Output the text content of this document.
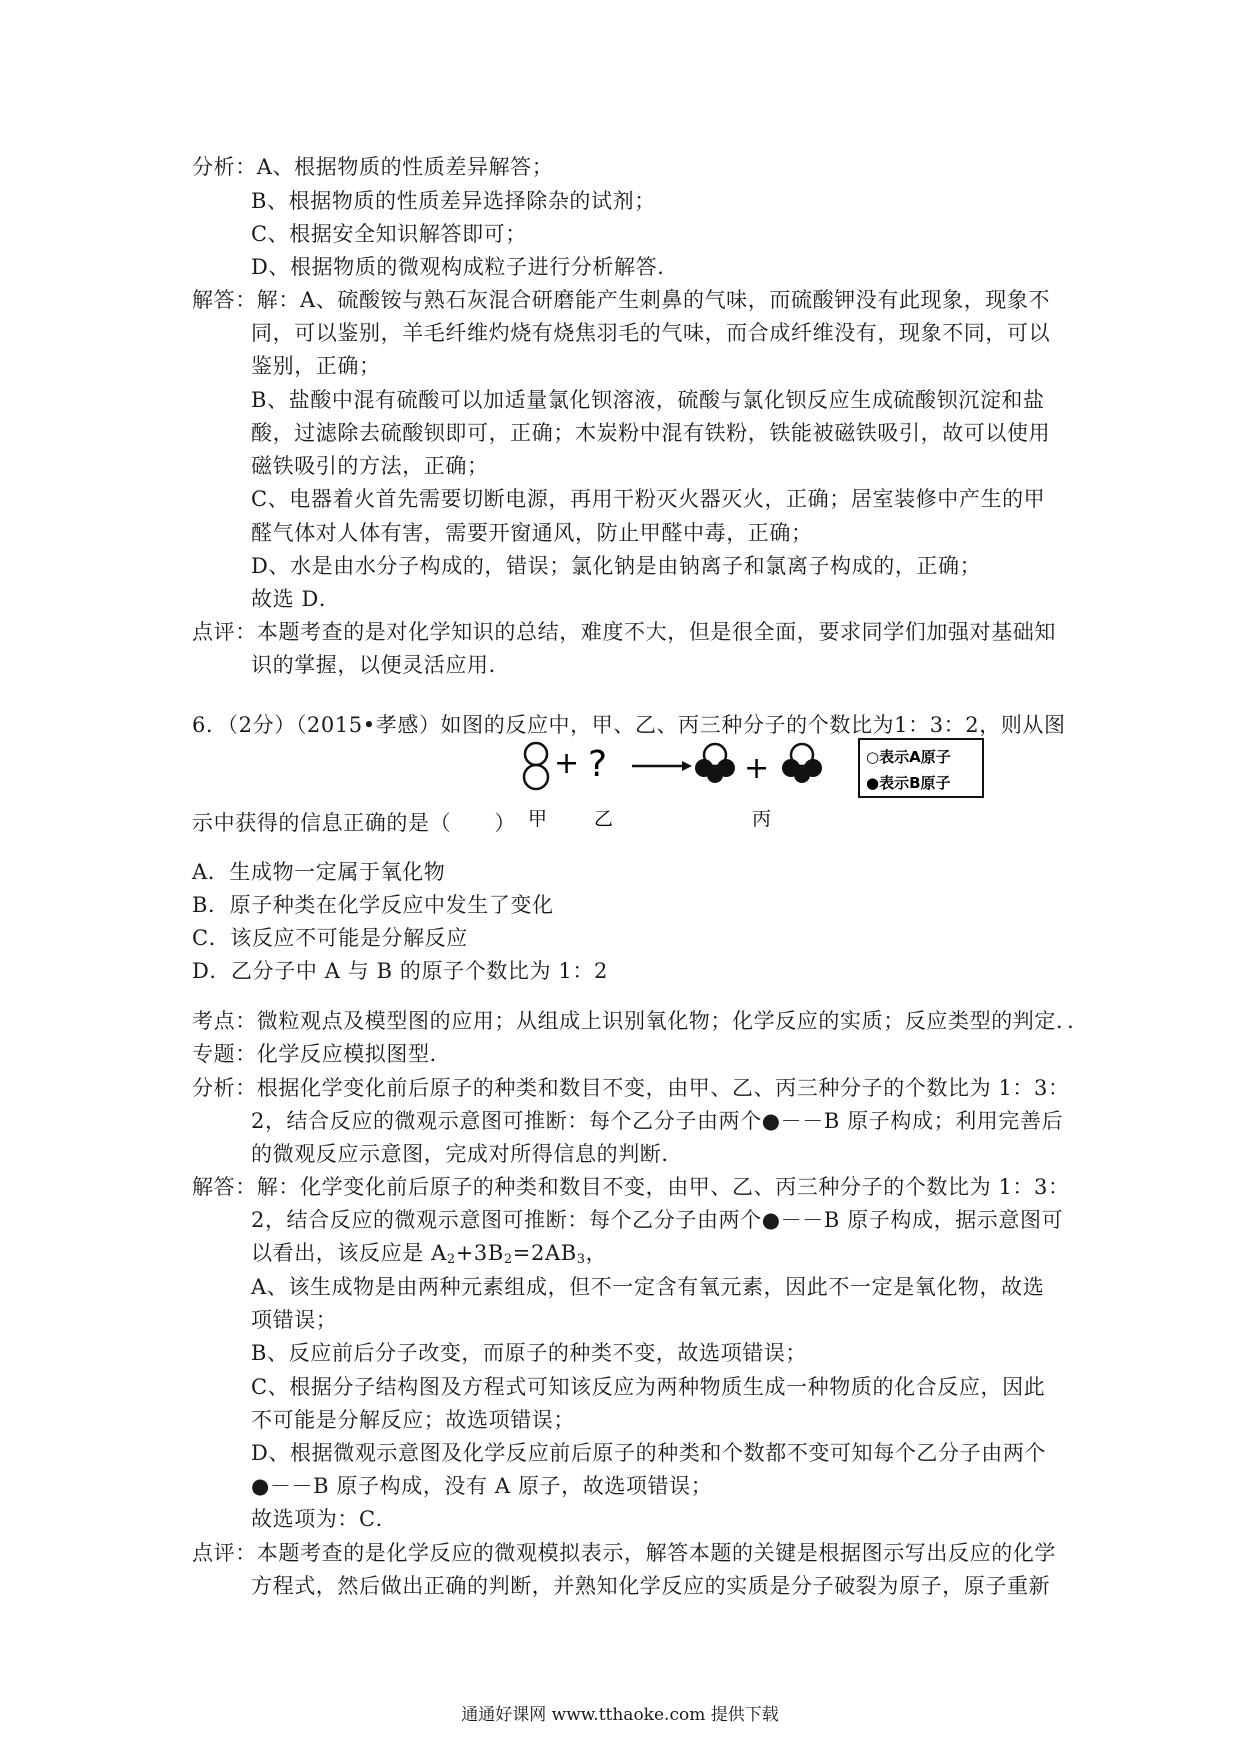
分析：A、根据物质的性质差异解答；
B、根据物质的性质差异选择除杂的试剂；
C、根据安全知识解答即可；
D、根据物质的微观构成粒子进行分析解答．
解答：解：A、硫酸铵与熟石灰混合研磨能产生刺鼻的气味，而硫酸钾没有此现象，现象不
同，可以鉴别，羊毛纤维灼烧有烧焦羽毛的气味，而合成纤维没有，现象不同，可以
鉴别，正确；
B、盐酸中混有硫酸可以加适量氯化钡溶液，硫酸与氯化钡反应生成硫酸钡沉淀和盐
酸，过滤除去硫酸钡即可，正确；木炭粉中混有铁粉，铁能被磁铁吸引，故可以使用
磁铁吸引的方法，正确；
C、电器着火首先需要切断电源，再用干粉灭火器灭火，正确；居室装修中产生的甲
醛气体对人体有害，需要开窗通风，防止甲醛中毒，正确；
D、水是由水分子构成的，错误；氯化钠是由钠离子和氯离子构成的，正确；
故选 D．
点评：本题考查的是对化学知识的总结，难度不大，但是很全面，要求同学们加强对基础知
识的掌握，以便灵活应用．
6．（2分）（2015•孝感）如图的反应中，甲、乙、丙三种分子的个数比为1：3：2，则从图
示中获得的信息正确的是（　　）
A．生成物一定属于氧化物
B．原子种类在化学反应中发生了变化
C．该反应不可能是分解反应
D．乙分子中 A 与 B 的原子个数比为 1：2
考点：微粒观点及模型图的应用；从组成上识别氧化物；化学反应的实质；反应类型的判定．．
专题：化学反应模拟图型．
分析：根据化学变化前后原子的种类和数目不变，由甲、乙、丙三种分子的个数比为 1：3：
2，结合反应的微观示意图可推断：每个乙分子由两个●－－B 原子构成；利用完善后
的微观反应示意图，完成对所得信息的判断．
解答：解：化学变化前后原子的种类和数目不变，由甲、乙、丙三种分子的个数比为 1：3：
2，结合反应的微观示意图可推断：每个乙分子由两个●－－B 原子构成，据示意图可
A、该生成物是由两种元素组成，但不一定含有氧元素，因此不一定是氧化物，故选
项错误；
B、反应前后分子改变，而原子的种类不变，故选项错误；
C、根据分子结构图及方程式可知该反应为两种物质生成一种物质的化合反应，因此
不可能是分解反应；故选项错误；
D、根据微观示意图及化学反应前后原子的种类和个数都不变可知每个乙分子由两个
●－－B 原子构成，没有 A 原子，故选项错误；
故选项为：C．
点评：本题考查的是化学反应的微观模拟表示，解答本题的关键是根据图示写出反应的化学
方程式，然后做出正确的判断，并熟知化学反应的实质是分子破裂为原子，原子重新
以看出，该反应是 $A_2+3B_2=2AB_3$，
+ ?	+	○表示A原子
●表示B原子
甲 乙	丙
通通好课网 www.tthaoke.com 提供下载
